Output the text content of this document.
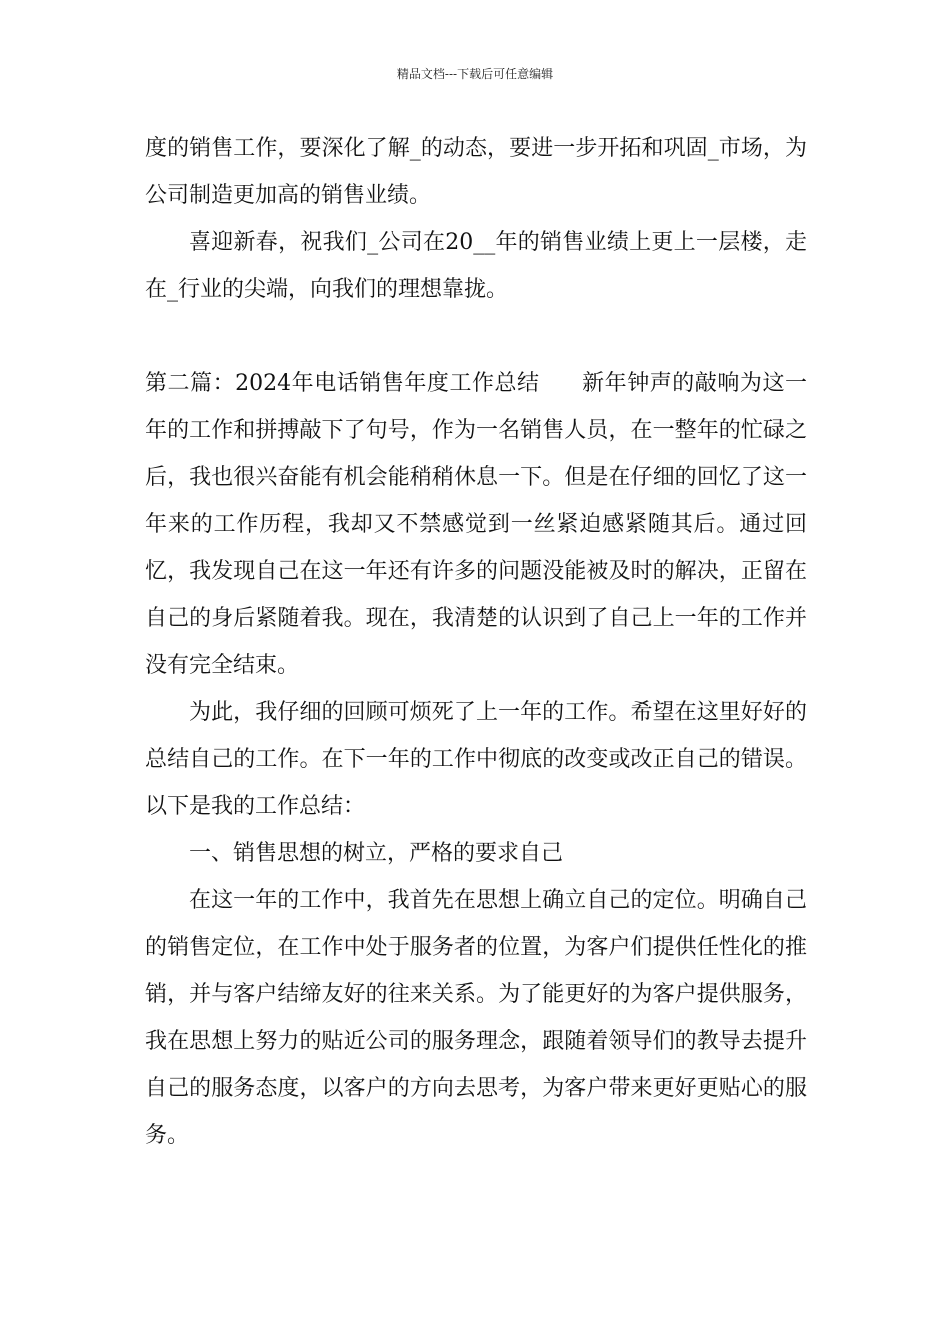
精品文档---下载后可任意编辑

度的销售工作，要深化了解_的动态，要进一步开拓和巩固_市场，为公司制造更加高的销售业绩。

喜迎新春，祝我们_公司在20__年的销售业绩上更上一层楼，走在_行业的尖端，向我们的理想靠拢。

第二篇：2024年电话销售年度工作总结 新年钟声的敲响为这一年的工作和拼搏敲下了句号，作为一名销售人员，在一整年的忙碌之后，我也很兴奋能有机会能稍稍休息一下。但是在仔细的回忆了这一年来的工作历程，我却又不禁感觉到一丝紧迫感紧随其后。通过回忆，我发现自己在这一年还有许多的问题没能被及时的解决，正留在自己的身后紧随着我。现在，我清楚的认识到了自己上一年的工作并没有完全结束。

为此，我仔细的回顾可烦死了上一年的工作。希望在这里好好的总结自己的工作。在下一年的工作中彻底的改变或改正自己的错误。以下是我的工作总结：

一、销售思想的树立，严格的要求自己

在这一年的工作中，我首先在思想上确立自己的定位。明确自己的销售定位，在工作中处于服务者的位置，为客户们提供任性化的推销，并与客户结缔友好的往来关系。为了能更好的为客户提供服务，我在思想上努力的贴近公司的服务理念，跟随着领导们的教导去提升自己的服务态度，以客户的方向去思考，为客户带来更好更贴心的服务。
